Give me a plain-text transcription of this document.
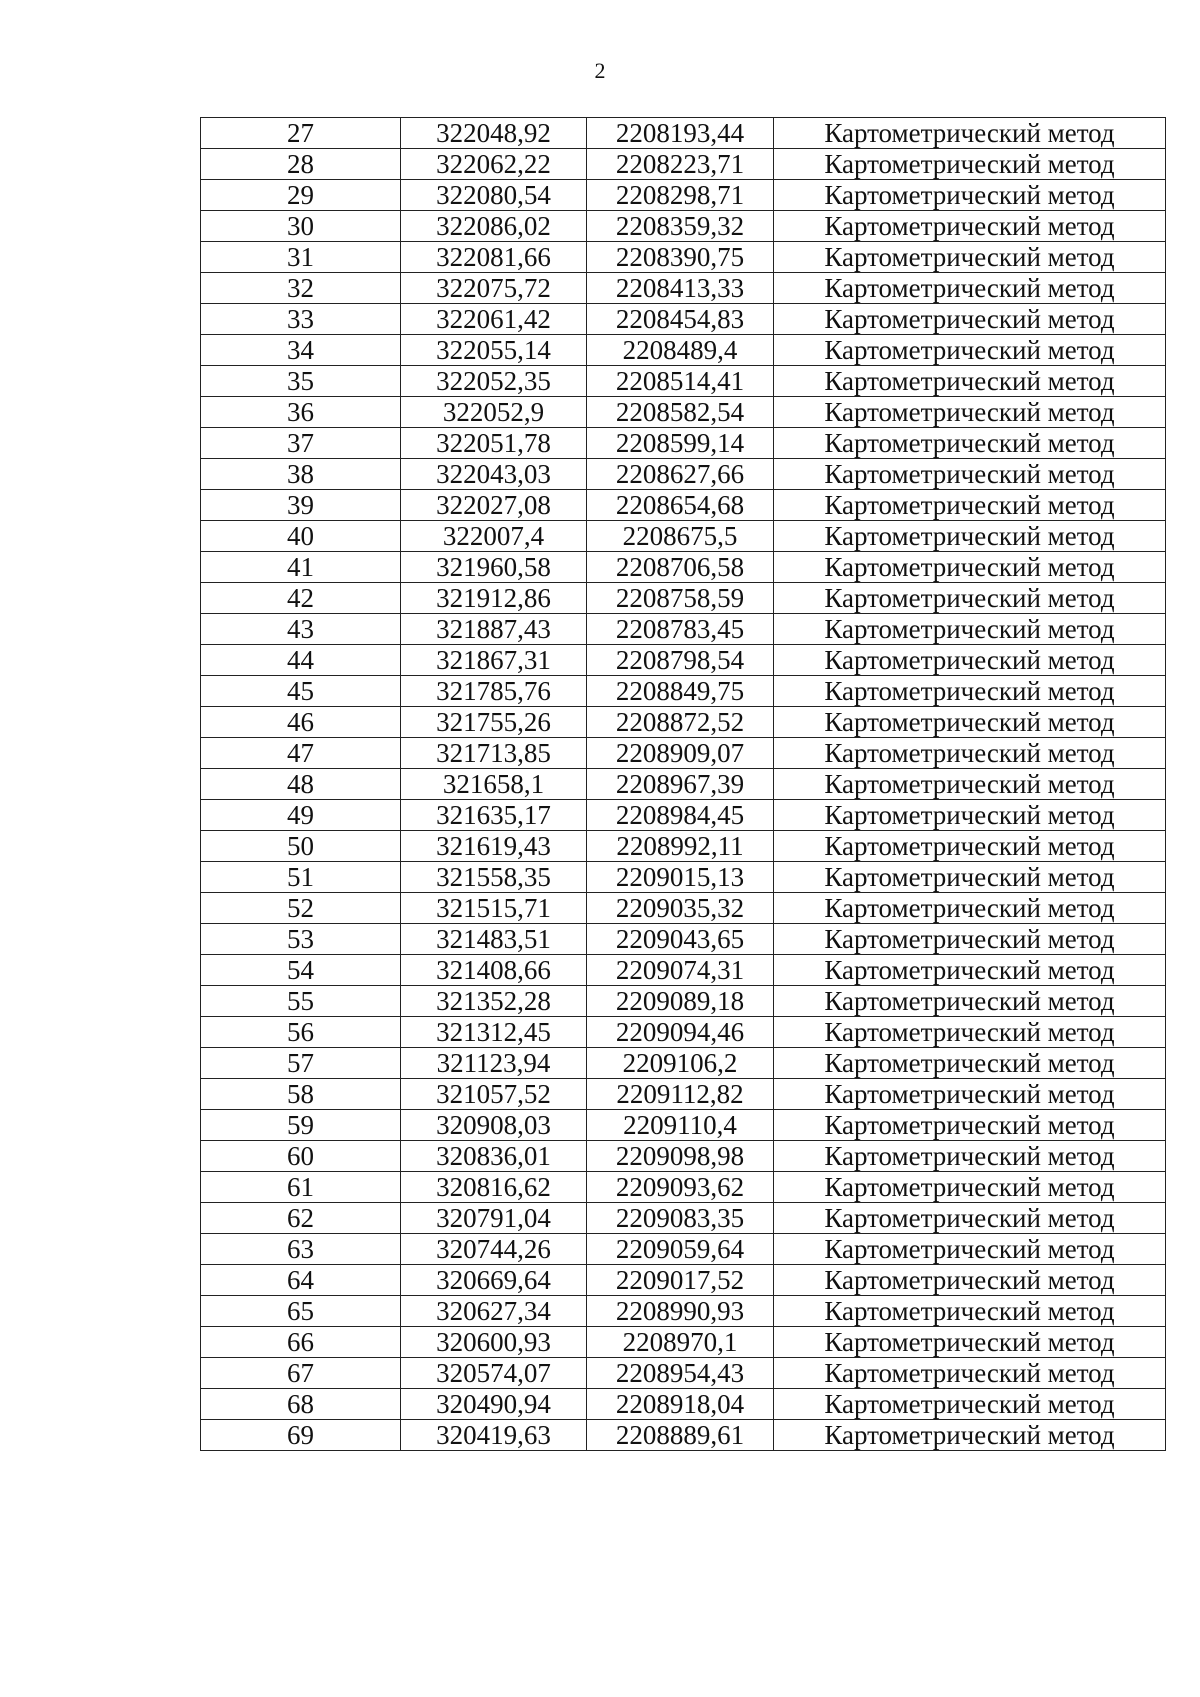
2
27	322048,92	2208193,44	Картометрический метод
28	322062,22	2208223,71	Картометрический метод
29	322080,54	2208298,71	Картометрический метод
30	322086,02	2208359,32	Картометрический метод
31	322081,66	2208390,75	Картометрический метод
32	322075,72	2208413,33	Картометрический метод
33	322061,42	2208454,83	Картометрический метод
34	322055,14	2208489,4	Картометрический метод
35	322052,35	2208514,41	Картометрический метод
36	322052,9	2208582,54	Картометрический метод
37	322051,78	2208599,14	Картометрический метод
38	322043,03	2208627,66	Картометрический метод
39	322027,08	2208654,68	Картометрический метод
40	322007,4	2208675,5	Картометрический метод
41	321960,58	2208706,58	Картометрический метод
42	321912,86	2208758,59	Картометрический метод
43	321887,43	2208783,45	Картометрический метод
44	321867,31	2208798,54	Картометрический метод
45	321785,76	2208849,75	Картометрический метод
46	321755,26	2208872,52	Картометрический метод
47	321713,85	2208909,07	Картометрический метод
48	321658,1	2208967,39	Картометрический метод
49	321635,17	2208984,45	Картометрический метод
50	321619,43	2208992,11	Картометрический метод
51	321558,35	2209015,13	Картометрический метод
52	321515,71	2209035,32	Картометрический метод
53	321483,51	2209043,65	Картометрический метод
54	321408,66	2209074,31	Картометрический метод
55	321352,28	2209089,18	Картометрический метод
56	321312,45	2209094,46	Картометрический метод
57	321123,94	2209106,2	Картометрический метод
58	321057,52	2209112,82	Картометрический метод
59	320908,03	2209110,4	Картометрический метод
60	320836,01	2209098,98	Картометрический метод
61	320816,62	2209093,62	Картометрический метод
62	320791,04	2209083,35	Картометрический метод
63	320744,26	2209059,64	Картометрический метод
64	320669,64	2209017,52	Картометрический метод
65	320627,34	2208990,93	Картометрический метод
66	320600,93	2208970,1	Картометрический метод
67	320574,07	2208954,43	Картометрический метод
68	320490,94	2208918,04	Картометрический метод
69	320419,63	2208889,61	Картометрический метод
